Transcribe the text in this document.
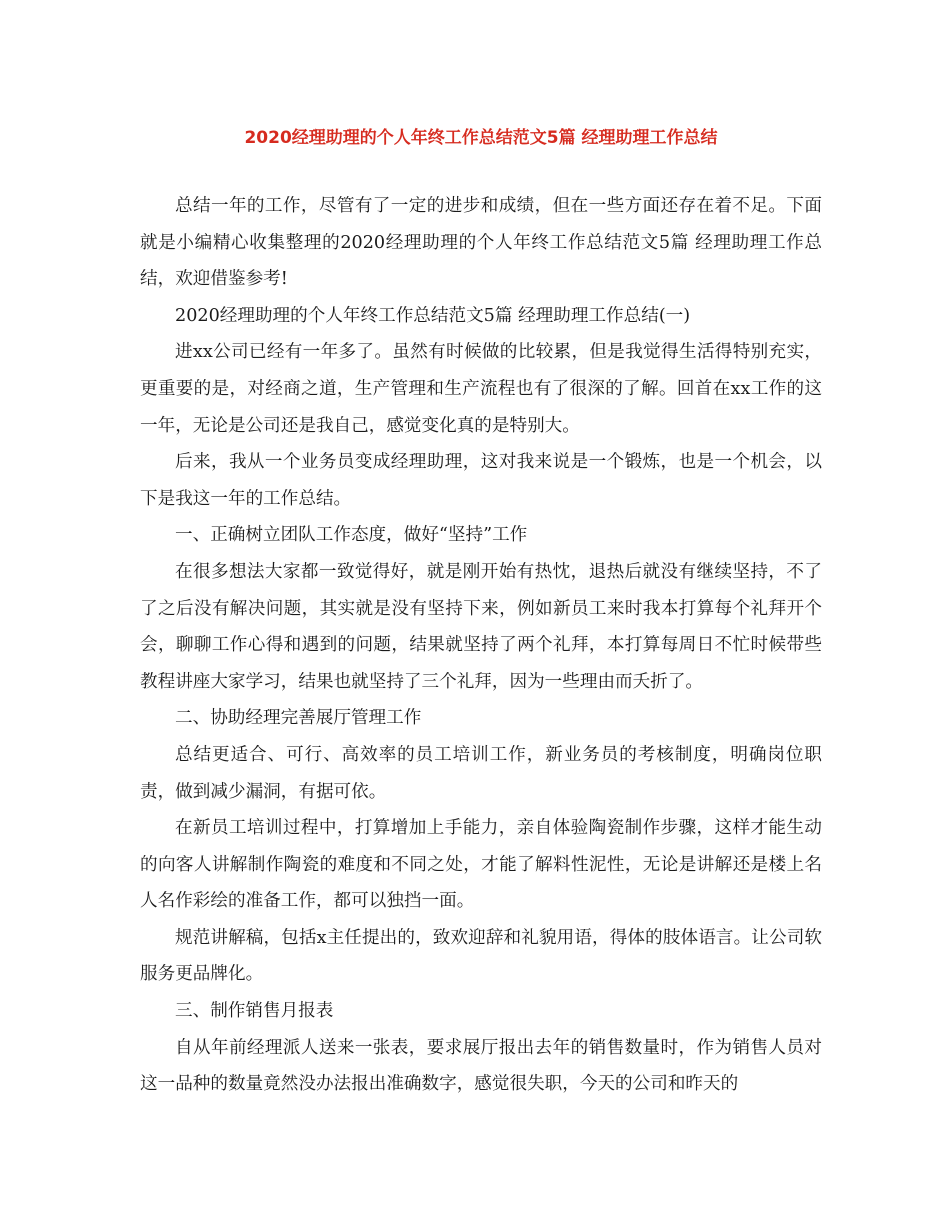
2020经理助理的个人年终工作总结范文5篇 经理助理工作总结

总结一年的工作，尽管有了一定的进步和成绩，但在一些方面还存在着不足。下面就是小编精心收集整理的2020经理助理的个人年终工作总结范文5篇 经理助理工作总结，欢迎借鉴参考!

2020经理助理的个人年终工作总结范文5篇 经理助理工作总结(一)

进xx公司已经有一年多了。虽然有时候做的比较累，但是我觉得生活得特别充实，更重要的是，对经商之道，生产管理和生产流程也有了很深的了解。回首在xx工作的这一年，无论是公司还是我自己，感觉变化真的是特别大。

后来，我从一个业务员变成经理助理，这对我来说是一个锻炼，也是一个机会，以下是我这一年的工作总结。

一、正确树立团队工作态度，做好“坚持”工作

在很多想法大家都一致觉得好，就是刚开始有热忱，退热后就没有继续坚持，不了了之后没有解决问题，其实就是没有坚持下来，例如新员工来时我本打算每个礼拜开个会，聊聊工作心得和遇到的问题，结果就坚持了两个礼拜，本打算每周日不忙时候带些教程讲座大家学习，结果也就坚持了三个礼拜，因为一些理由而夭折了。

二、协助经理完善展厅管理工作

总结更适合、可行、高效率的员工培训工作，新业务员的考核制度，明确岗位职责，做到减少漏洞，有据可依。

在新员工培训过程中，打算增加上手能力，亲自体验陶瓷制作步骤，这样才能生动的向客人讲解制作陶瓷的难度和不同之处，才能了解料性泥性，无论是讲解还是楼上名人名作彩绘的准备工作，都可以独挡一面。

规范讲解稿，包括x主任提出的，致欢迎辞和礼貌用语，得体的肢体语言。让公司软服务更品牌化。

三、制作销售月报表

自从年前经理派人送来一张表，要求展厅报出去年的销售数量时，作为销售人员对这一品种的数量竟然没办法报出准确数字，感觉很失职，今天的公司和昨天的
